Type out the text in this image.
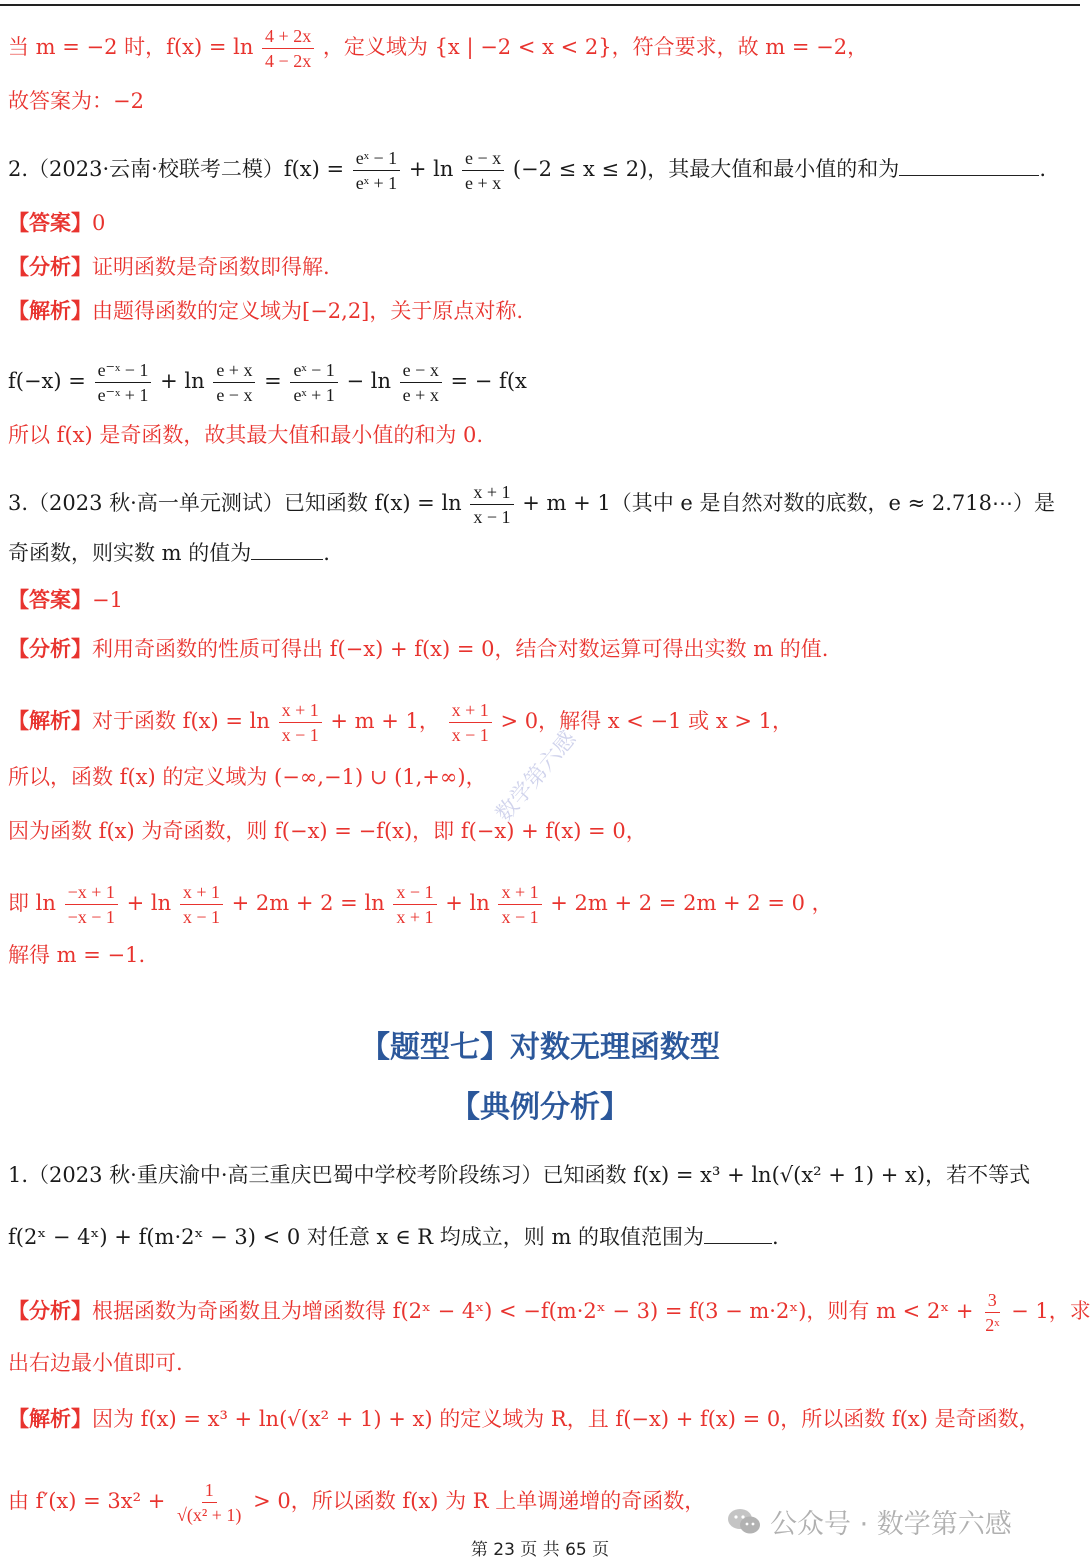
当 m = −2 时，$f(x) = \ln \frac{4 + 2x}{4 - 2x}$ ，定义域为 {x | −2 < x < 2}，符合要求，故 m = −2，
故答案为：−2
2.（2023·云南·校联考二模）$f(x) = \frac{\text{eˣ − 1}}{\text{eˣ + 1}} + \ln \frac{e - x}{e + x} (-2 \le x \le 2)$，其最大值和最小值的和为	.
【答案】0
【分析】证明函数是奇函数即得解.
【解析】由题得函数的定义域为[−2,2]，关于原点对称.
$f(-x) = \frac{\text{e⁻ˣ − 1}}{\text{e⁻ˣ + 1}} + \ln \frac{e + x}{e - x} = \frac{\text{eˣ − 1}}{\text{eˣ + 1}} - \ln \frac{e - x}{e + x}$ = − f(x
所以 f(x) 是奇函数，故其最大值和最小值的和为 0.
3.（2023 秋·高一单元测试）已知函数 $f(x) = \ln \frac{x + 1}{x - 1} + m + 1$（其中 e 是自然对数的底数，e ≈ 2.718⋯）是
奇函数，则实数 m 的值为	.
【答案】−1
【分析】利用奇函数的性质可得出 f(−x) + f(x) = 0，结合对数运算可得出实数 m 的值.
【解析】对于函数 $f(x) = \ln \frac{x + 1}{x - 1} + m + 1$， $\frac{x + 1}{x - 1} > 0$，解得 x < −1 或 x > 1，
所以，函数 f(x) 的定义域为 (−∞,−1) ∪ (1,+∞)，
因为函数 f(x) 为奇函数，则 f(−x) = −f(x)，即 f(−x) + f(x) = 0，
即 $\ln \frac{-x + 1}{-x - 1} + \ln \frac{x + 1}{x - 1} + 2m + 2 = \ln \frac{x - 1}{x + 1} + \ln \frac{x + 1}{x - 1} + 2m + 2 = 2m + 2 = 0$ ，
解得 m = −1.
【题型七】对数无理函数型
【典例分析】
1.（2023 秋·重庆渝中·高三重庆巴蜀中学校考阶段练习）已知函数 f(x) = x³ + ln(√(x² + 1) + x)，若不等式
f(2ˣ − 4ˣ) + f(m·2ˣ − 3) < 0 对任意 x ∈ R 均成立，则 m 的取值范围为	.
【分析】根据函数为奇函数且为增函数得 f(2ˣ − 4ˣ) < −f(m·2ˣ − 3) = f(3 − m·2ˣ)，则有 m < 2ˣ + $\frac{3}{\text{2ˣ}} - 1$，求
出右边最小值即可.
【解析】因为 f(x) = x³ + ln(√(x² + 1) + x) 的定义域为 R，且 f(−x) + f(x) = 0，所以函数 f(x) 是奇函数，
由 $f'(x) = 3x^2 + \frac{1}{\text{√(x² + 1)}} > 0$，所以函数 f(x) 为 R 上单调递增的奇函数，
数学第六感
公众号 · 数学第六感
第 23 页 共 65 页
